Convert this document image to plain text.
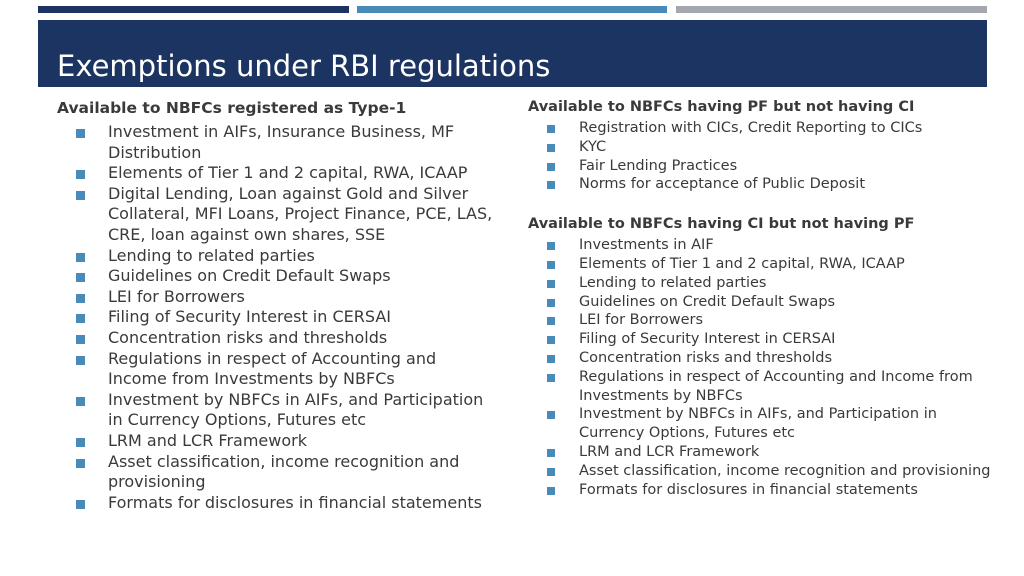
Exemptions under RBI regulations
Available to NBFCs registered as Type-1
Investment in AIFs, Insurance Business, MF Distribution
Elements of Tier 1 and 2 capital, RWA, ICAAP
Digital Lending, Loan against Gold and Silver Collateral, MFI Loans, Project Finance, PCE, LAS, CRE, loan against own shares, SSE
Lending to related parties
Guidelines on Credit Default Swaps
LEI for Borrowers
Filing of Security Interest in CERSAI
Concentration risks and thresholds
Regulations in respect of Accounting and Income from Investments by NBFCs
Investment by NBFCs in AIFs, and Participation in Currency Options, Futures etc
LRM and LCR Framework
Asset classification, income recognition and provisioning
Formats for disclosures in financial statements
Available to NBFCs having PF but not having CI
Registration with CICs, Credit Reporting to CICs
KYC
Fair Lending Practices
Norms for acceptance of Public Deposit
Available to NBFCs having CI but not having PF
Investments in AIF
Elements of Tier 1 and 2 capital, RWA, ICAAP
Lending to related parties
Guidelines on Credit Default Swaps
LEI for Borrowers
Filing of Security Interest in CERSAI
Concentration risks and thresholds
Regulations in respect of Accounting and Income from Investments by NBFCs
Investment by NBFCs in AIFs, and Participation in Currency Options, Futures etc
LRM and LCR Framework
Asset classification, income recognition and provisioning
Formats for disclosures in financial statements
